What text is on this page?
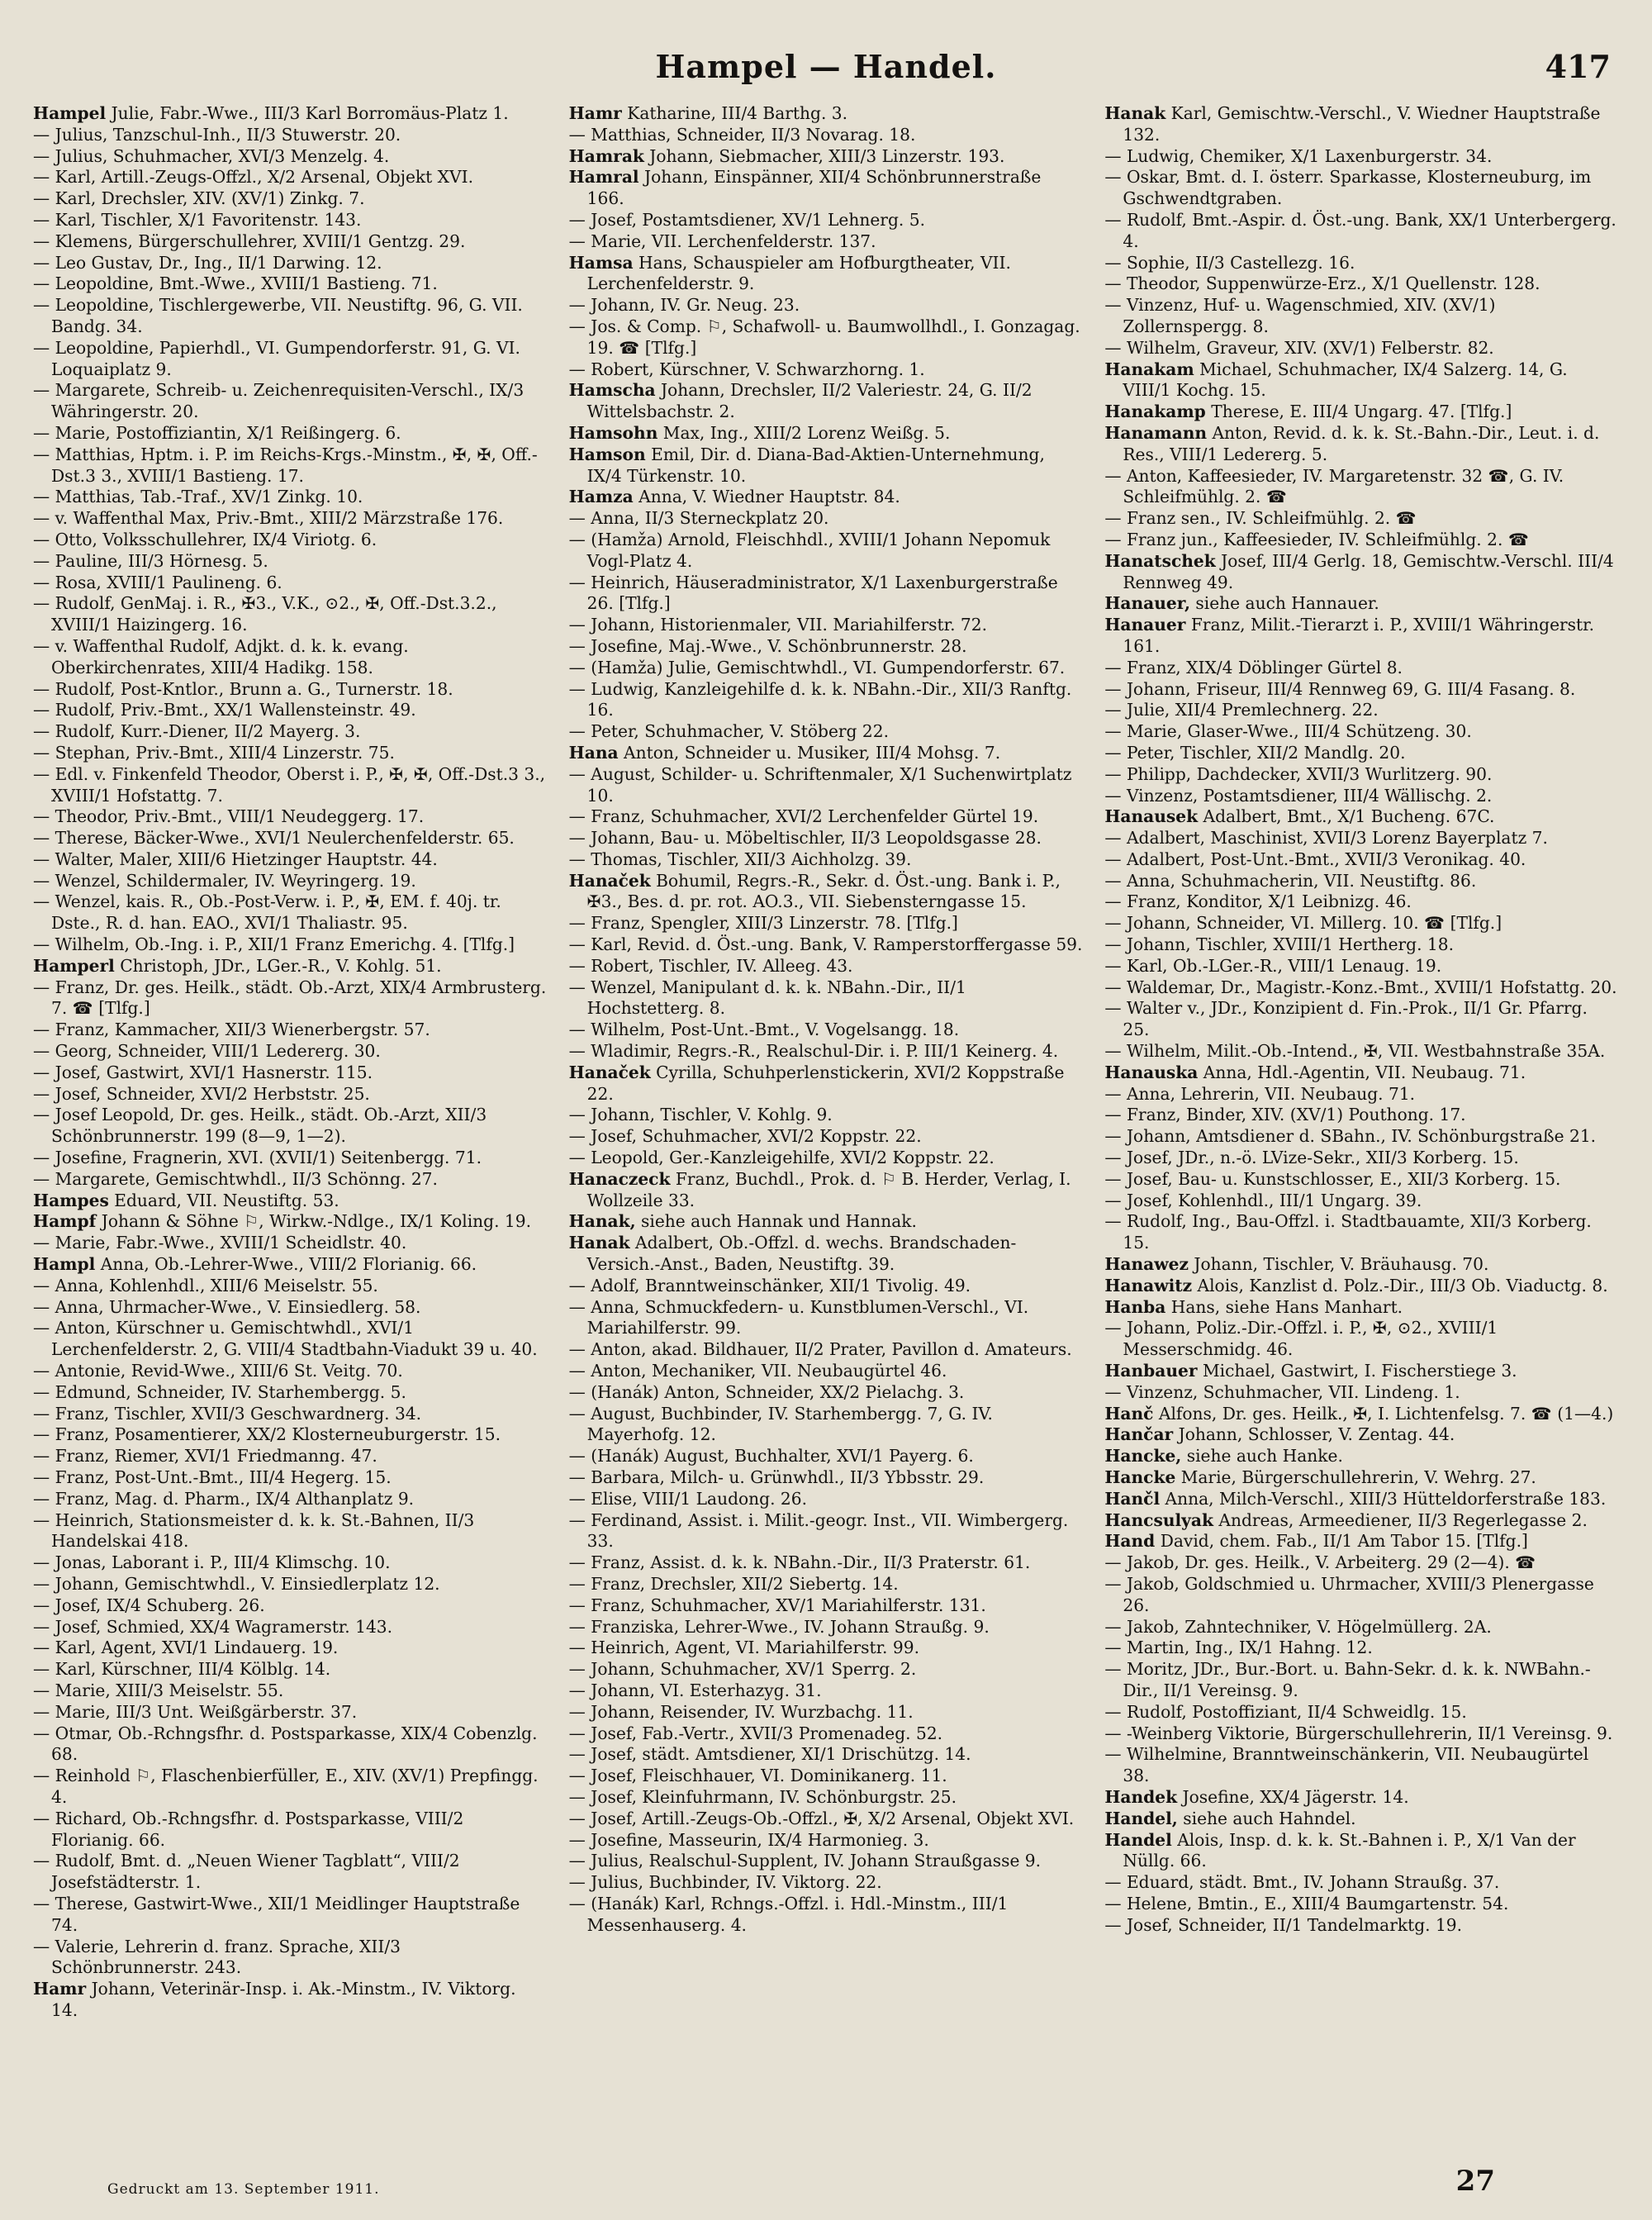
Hampel — Handel.	417

Hampel Julie, Fabr.-Wwe., III/3 Karl Borromäus-Platz 1.

— Julius, Tanzschul-Inh., II/3 Stuwerstr. 20.

— Julius, Schuhmacher, XVI/3 Menzelg. 4.

— Karl, Artill.-Zeugs-Offzl., X/2 Arsenal, Objekt XVI.

— Karl, Drechsler, XIV. (XV/1) Zinkg. 7.

— Karl, Tischler, X/1 Favoritenstr. 143.

— Klemens, Bürgerschullehrer, XVIII/1 Gentzg. 29.

— Leo Gustav, Dr., Ing., II/1 Darwing. 12.

— Leopoldine, Bmt.-Wwe., XVIII/1 Bastieng. 71.

— Leopoldine, Tischlergewerbe, VII. Neustiftg. 96, G. VII. Bandg. 34.

— Leopoldine, Papierhdl., VI. Gumpendorferstr. 91, G. VI. Loquaiplatz 9.

— Margarete, Schreib- u. Zeichenrequisiten-Verschl., IX/3 Währingerstr. 20.

— Marie, Postoffiziantin, X/1 Reißingerg. 6.

— Matthias, Hptm. i. P. im Reichs-Krgs.-Minstm., ✠, ✠, Off.-Dst.3 3., XVIII/1 Bastieng. 17.

— Matthias, Tab.-Traf., XV/1 Zinkg. 10.

— v. Waffenthal Max, Priv.-Bmt., XIII/2 Märzstraße 176.

— Otto, Volksschullehrer, IX/4 Viriotg. 6.

— Pauline, III/3 Hörnesg. 5.

— Rosa, XVIII/1 Paulineng. 6.

— Rudolf, GenMaj. i. R., ✠3., V.K., ⊙2., ✠, Off.-Dst.3.2., XVIII/1 Haizingerg. 16.

— v. Waffenthal Rudolf, Adjkt. d. k. k. evang. Oberkirchenrates, XIII/4 Hadikg. 158.

— Rudolf, Post-Kntlor., Brunn a. G., Turnerstr. 18.

— Rudolf, Priv.-Bmt., XX/1 Wallensteinstr. 49.

— Rudolf, Kurr.-Diener, II/2 Mayerg. 3.

— Stephan, Priv.-Bmt., XIII/4 Linzerstr. 75.

— Edl. v. Finkenfeld Theodor, Oberst i. P., ✠, ✠, Off.-Dst.3 3., XVIII/1 Hofstattg. 7.

— Theodor, Priv.-Bmt., VIII/1 Neudeggerg. 17.

— Therese, Bäcker-Wwe., XVI/1 Neulerchenfelderstr. 65.

— Walter, Maler, XIII/6 Hietzinger Hauptstr. 44.

— Wenzel, Schildermaler, IV. Weyringerg. 19.

— Wenzel, kais. R., Ob.-Post-Verw. i. P., ✠, EM. f. 40j. tr. Dste., R. d. han. EAO., XVI/1 Thaliastr. 95.

— Wilhelm, Ob.-Ing. i. P., XII/1 Franz Emerichg. 4. [Tlfg.]

Hamperl Christoph, JDr., LGer.-R., V. Kohlg. 51.

— Franz, Dr. ges. Heilk., städt. Ob.-Arzt, XIX/4 Armbrusterg. 7. ☎ [Tlfg.]

— Franz, Kammacher, XII/3 Wienerbergstr. 57.

— Georg, Schneider, VIII/1 Ledererg. 30.

— Josef, Gastwirt, XVI/1 Hasnerstr. 115.

— Josef, Schneider, XVI/2 Herbststr. 25.

— Josef Leopold, Dr. ges. Heilk., städt. Ob.-Arzt, XII/3 Schönbrunnerstr. 199 (8—9, 1—2).

— Josefine, Fragnerin, XVI. (XVII/1) Seitenbergg. 71.

— Margarete, Gemischtwhdl., II/3 Schönng. 27.

Hampes Eduard, VII. Neustiftg. 53.

Hampf Johann & Söhne ⚐, Wirkw.-Ndlge., IX/1 Koling. 19.

— Marie, Fabr.-Wwe., XVIII/1 Scheidlstr. 40.

Hampl Anna, Ob.-Lehrer-Wwe., VIII/2 Florianig. 66.

— Anna, Kohlenhdl., XIII/6 Meiselstr. 55.

— Anna, Uhrmacher-Wwe., V. Einsiedlerg. 58.

— Anton, Kürschner u. Gemischtwhdl., XVI/1 Lerchenfelderstr. 2, G. VIII/4 Stadtbahn-Viadukt 39 u. 40.

— Antonie, Revid-Wwe., XIII/6 St. Veitg. 70.

— Edmund, Schneider, IV. Starhembergg. 5.

— Franz, Tischler, XVII/3 Geschwardnerg. 34.

— Franz, Posamentierer, XX/2 Klosterneuburgerstr. 15.

— Franz, Riemer, XVI/1 Friedmanng. 47.

— Franz, Post-Unt.-Bmt., III/4 Hegerg. 15.

— Franz, Mag. d. Pharm., IX/4 Althanplatz 9.

— Heinrich, Stationsmeister d. k. k. St.-Bahnen, II/3 Handelskai 418.

— Jonas, Laborant i. P., III/4 Klimschg. 10.

— Johann, Gemischtwhdl., V. Einsiedlerplatz 12.

— Josef, IX/4 Schuberg. 26.

— Josef, Schmied, XX/4 Wagramerstr. 143.

— Karl, Agent, XVI/1 Lindauerg. 19.

— Karl, Kürschner, III/4 Kölblg. 14.

— Marie, XIII/3 Meiselstr. 55.

— Marie, III/3 Unt. Weißgärberstr. 37.

— Otmar, Ob.-Rchngsfhr. d. Postsparkasse, XIX/4 Cobenzlg. 68.

— Reinhold ⚐, Flaschenbierfüller, E., XIV. (XV/1) Prepfingg. 4.

— Richard, Ob.-Rchngsfhr. d. Postsparkasse, VIII/2 Florianig. 66.

— Rudolf, Bmt. d. „Neuen Wiener Tagblatt“, VIII/2 Josefstädterstr. 1.

— Therese, Gastwirt-Wwe., XII/1 Meidlinger Hauptstraße 74.

— Valerie, Lehrerin d. franz. Sprache, XII/3 Schönbrunnerstr. 243.

Hamr Johann, Veterinär-Insp. i. Ak.-Minstm., IV. Viktorg. 14.

Hamr Katharine, III/4 Barthg. 3.

— Matthias, Schneider, II/3 Novarag. 18.

Hamrak Johann, Siebmacher, XIII/3 Linzerstr. 193.

Hamral Johann, Einspänner, XII/4 Schönbrunnerstraße 166.

— Josef, Postamtsdiener, XV/1 Lehnerg. 5.

— Marie, VII. Lerchenfelderstr. 137.

Hamsa Hans, Schauspieler am Hofburgtheater, VII. Lerchenfelderstr. 9.

— Johann, IV. Gr. Neug. 23.

— Jos. & Comp. ⚐, Schafwoll- u. Baumwollhdl., I. Gonzagag. 19. ☎ [Tlfg.]

— Robert, Kürschner, V. Schwarzhorng. 1.

Hamscha Johann, Drechsler, II/2 Valeriestr. 24, G. II/2 Wittelsbachstr. 2.

Hamsohn Max, Ing., XIII/2 Lorenz Weißg. 5.

Hamson Emil, Dir. d. Diana-Bad-Aktien-Unternehmung, IX/4 Türkenstr. 10.

Hamza Anna, V. Wiedner Hauptstr. 84.

— Anna, II/3 Sterneckplatz 20.

— (Hamža) Arnold, Fleischhdl., XVIII/1 Johann Nepomuk Vogl-Platz 4.

— Heinrich, Häuseradministrator, X/1 Laxenburgerstraße 26. [Tlfg.]

— Johann, Historienmaler, VII. Mariahilferstr. 72.

— Josefine, Maj.-Wwe., V. Schönbrunnerstr. 28.

— (Hamža) Julie, Gemischtwhdl., VI. Gumpendorferstr. 67.

— Ludwig, Kanzleigehilfe d. k. k. NBahn.-Dir., XII/3 Ranftg. 16.

— Peter, Schuhmacher, V. Stöberg 22.

Hana Anton, Schneider u. Musiker, III/4 Mohsg. 7.

— August, Schilder- u. Schriftenmaler, X/1 Suchenwirtplatz 10.

— Franz, Schuhmacher, XVI/2 Lerchenfelder Gürtel 19.

— Johann, Bau- u. Möbeltischler, II/3 Leopoldsgasse 28.

— Thomas, Tischler, XII/3 Aichholzg. 39.

Hanaček Bohumil, Regrs.-R., Sekr. d. Öst.-ung. Bank i. P., ✠3., Bes. d. pr. rot. AO.3., VII. Siebensterngasse 15.

— Franz, Spengler, XIII/3 Linzerstr. 78. [Tlfg.]

— Karl, Revid. d. Öst.-ung. Bank, V. Ramperstorffergasse 59.

— Robert, Tischler, IV. Alleeg. 43.

— Wenzel, Manipulant d. k. k. NBahn.-Dir., II/1 Hochstetterg. 8.

— Wilhelm, Post-Unt.-Bmt., V. Vogelsangg. 18.

— Wladimir, Regrs.-R., Realschul-Dir. i. P. III/1 Keinerg. 4.

Hanaček Cyrilla, Schuhperlenstickerin, XVI/2 Koppstraße 22.

— Johann, Tischler, V. Kohlg. 9.

— Josef, Schuhmacher, XVI/2 Koppstr. 22.

— Leopold, Ger.-Kanzleigehilfe, XVI/2 Koppstr. 22.

Hanaczeck Franz, Buchdl., Prok. d. ⚐ B. Herder, Verlag, I. Wollzeile 33.

Hanak, siehe auch Hannak und Hannak.

Hanak Adalbert, Ob.-Offzl. d. wechs. Brandschaden-Versich.-Anst., Baden, Neustiftg. 39.

— Adolf, Branntweinschänker, XII/1 Tivolig. 49.

— Anna, Schmuckfedern- u. Kunstblumen-Verschl., VI. Mariahilferstr. 99.

— Anton, akad. Bildhauer, II/2 Prater, Pavillon d. Amateurs.

— Anton, Mechaniker, VII. Neubaugürtel 46.

— (Hanák) Anton, Schneider, XX/2 Pielachg. 3.

— August, Buchbinder, IV. Starhembergg. 7, G. IV. Mayerhofg. 12.

— (Hanák) August, Buchhalter, XVI/1 Payerg. 6.

— Barbara, Milch- u. Grünwhdl., II/3 Ybbsstr. 29.

— Elise, VIII/1 Laudong. 26.

— Ferdinand, Assist. i. Milit.-geogr. Inst., VII. Wimbergerg. 33.

— Franz, Assist. d. k. k. NBahn.-Dir., II/3 Praterstr. 61.

— Franz, Drechsler, XII/2 Siebertg. 14.

— Franz, Schuhmacher, XV/1 Mariahilferstr. 131.

— Franziska, Lehrer-Wwe., IV. Johann Straußg. 9.

— Heinrich, Agent, VI. Mariahilferstr. 99.

— Johann, Schuhmacher, XV/1 Sperrg. 2.

— Johann, VI. Esterhazyg. 31.

— Johann, Reisender, IV. Wurzbachg. 11.

— Josef, Fab.-Vertr., XVII/3 Promenadeg. 52.

— Josef, städt. Amtsdiener, XI/1 Drischützg. 14.

— Josef, Fleischhauer, VI. Dominikanerg. 11.

— Josef, Kleinfuhrmann, IV. Schönburgstr. 25.

— Josef, Artill.-Zeugs-Ob.-Offzl., ✠, X/2 Arsenal, Objekt XVI.

— Josefine, Masseurin, IX/4 Harmonieg. 3.

— Julius, Realschul-Supplent, IV. Johann Straußgasse 9.

— Julius, Buchbinder, IV. Viktorg. 22.

— (Hanák) Karl, Rchngs.-Offzl. i. Hdl.-Minstm., III/1 Messenhauserg. 4.

Hanak Karl, Gemischtw.-Verschl., V. Wiedner Hauptstraße 132.

— Ludwig, Chemiker, X/1 Laxenburgerstr. 34.

— Oskar, Bmt. d. I. österr. Sparkasse, Klosterneuburg, im Gschwendtgraben.

— Rudolf, Bmt.-Aspir. d. Öst.-ung. Bank, XX/1 Unterbergerg. 4.

— Sophie, II/3 Castellezg. 16.

— Theodor, Suppenwürze-Erz., X/1 Quellenstr. 128.

— Vinzenz, Huf- u. Wagenschmied, XIV. (XV/1) Zollernspergg. 8.

— Wilhelm, Graveur, XIV. (XV/1) Felberstr. 82.

Hanakam Michael, Schuhmacher, IX/4 Salzerg. 14, G. VIII/1 Kochg. 15.

Hanakamp Therese, E. III/4 Ungarg. 47. [Tlfg.]

Hanamann Anton, Revid. d. k. k. St.-Bahn.-Dir., Leut. i. d. Res., VIII/1 Ledererg. 5.

— Anton, Kaffeesieder, IV. Margaretenstr. 32 ☎, G. IV. Schleifmühlg. 2. ☎

— Franz sen., IV. Schleifmühlg. 2. ☎

— Franz jun., Kaffeesieder, IV. Schleifmühlg. 2. ☎

Hanatschek Josef, III/4 Gerlg. 18, Gemischtw.-Verschl. III/4 Rennweg 49.

Hanauer, siehe auch Hannauer.

Hanauer Franz, Milit.-Tierarzt i. P., XVIII/1 Währingerstr. 161.

— Franz, XIX/4 Döblinger Gürtel 8.

— Johann, Friseur, III/4 Rennweg 69, G. III/4 Fasang. 8.

— Julie, XII/4 Premlechnerg. 22.

— Marie, Glaser-Wwe., III/4 Schützeng. 30.

— Peter, Tischler, XII/2 Mandlg. 20.

— Philipp, Dachdecker, XVII/3 Wurlitzerg. 90.

— Vinzenz, Postamtsdiener, III/4 Wällischg. 2.

Hanausek Adalbert, Bmt., X/1 Bucheng. 67C.

— Adalbert, Maschinist, XVII/3 Lorenz Bayerplatz 7.

— Adalbert, Post-Unt.-Bmt., XVII/3 Veronikag. 40.

— Anna, Schuhmacherin, VII. Neustiftg. 86.

— Franz, Konditor, X/1 Leibnizg. 46.

— Johann, Schneider, VI. Millerg. 10. ☎ [Tlfg.]

— Johann, Tischler, XVIII/1 Hertherg. 18.

— Karl, Ob.-LGer.-R., VIII/1 Lenaug. 19.

— Waldemar, Dr., Magistr.-Konz.-Bmt., XVIII/1 Hofstattg. 20.

— Walter v., JDr., Konzipient d. Fin.-Prok., II/1 Gr. Pfarrg. 25.

— Wilhelm, Milit.-Ob.-Intend., ✠, VII. Westbahnstraße 35A.

Hanauska Anna, Hdl.-Agentin, VII. Neubaug. 71.

— Anna, Lehrerin, VII. Neubaug. 71.

— Franz, Binder, XIV. (XV/1) Pouthong. 17.

— Johann, Amtsdiener d. SBahn., IV. Schönburgstraße 21.

— Josef, JDr., n.-ö. LVize-Sekr., XII/3 Korberg. 15.

— Josef, Bau- u. Kunstschlosser, E., XII/3 Korberg. 15.

— Josef, Kohlenhdl., III/1 Ungarg. 39.

— Rudolf, Ing., Bau-Offzl. i. Stadtbauamte, XII/3 Korberg. 15.

Hanawez Johann, Tischler, V. Bräuhausg. 70.

Hanawitz Alois, Kanzlist d. Polz.-Dir., III/3 Ob. Viaductg. 8.

Hanba Hans, siehe Hans Manhart.

— Johann, Poliz.-Dir.-Offzl. i. P., ✠, ⊙2., XVIII/1 Messerschmidg. 46.

Hanbauer Michael, Gastwirt, I. Fischerstiege 3.

— Vinzenz, Schuhmacher, VII. Lindeng. 1.

Hanč Alfons, Dr. ges. Heilk., ✠, I. Lichtenfelsg. 7. ☎ (1—4.)

Hančar Johann, Schlosser, V. Zentag. 44.

Hancke, siehe auch Hanke.

Hancke Marie, Bürgerschullehrerin, V. Wehrg. 27.

Hančl Anna, Milch-Verschl., XIII/3 Hütteldorferstraße 183.

Hancsulyak Andreas, Armeediener, II/3 Regerlegasse 2.

Hand David, chem. Fab., II/1 Am Tabor 15. [Tlfg.]

— Jakob, Dr. ges. Heilk., V. Arbeiterg. 29 (2—4). ☎

— Jakob, Goldschmied u. Uhrmacher, XVIII/3 Plenergasse 26.

— Jakob, Zahntechniker, V. Högelmüllerg. 2A.

— Martin, Ing., IX/1 Hahng. 12.

— Moritz, JDr., Bur.-Bort. u. Bahn-Sekr. d. k. k. NWBahn.-Dir., II/1 Vereinsg. 9.

— Rudolf, Postoffiziant, II/4 Schweidlg. 15.

— -Weinberg Viktorie, Bürgerschullehrerin, II/1 Vereinsg. 9.

— Wilhelmine, Branntweinschänkerin, VII. Neubaugürtel 38.

Handek Josefine, XX/4 Jägerstr. 14.

Handel, siehe auch Hahndel.

Handel Alois, Insp. d. k. k. St.-Bahnen i. P., X/1 Van der Nüllg. 66.

— Eduard, städt. Bmt., IV. Johann Straußg. 37.

— Helene, Bmtin., E., XIII/4 Baumgartenstr. 54.

— Josef, Schneider, II/1 Tandelmarktg. 19.

Gedruckt am 13. September 1911.	27
